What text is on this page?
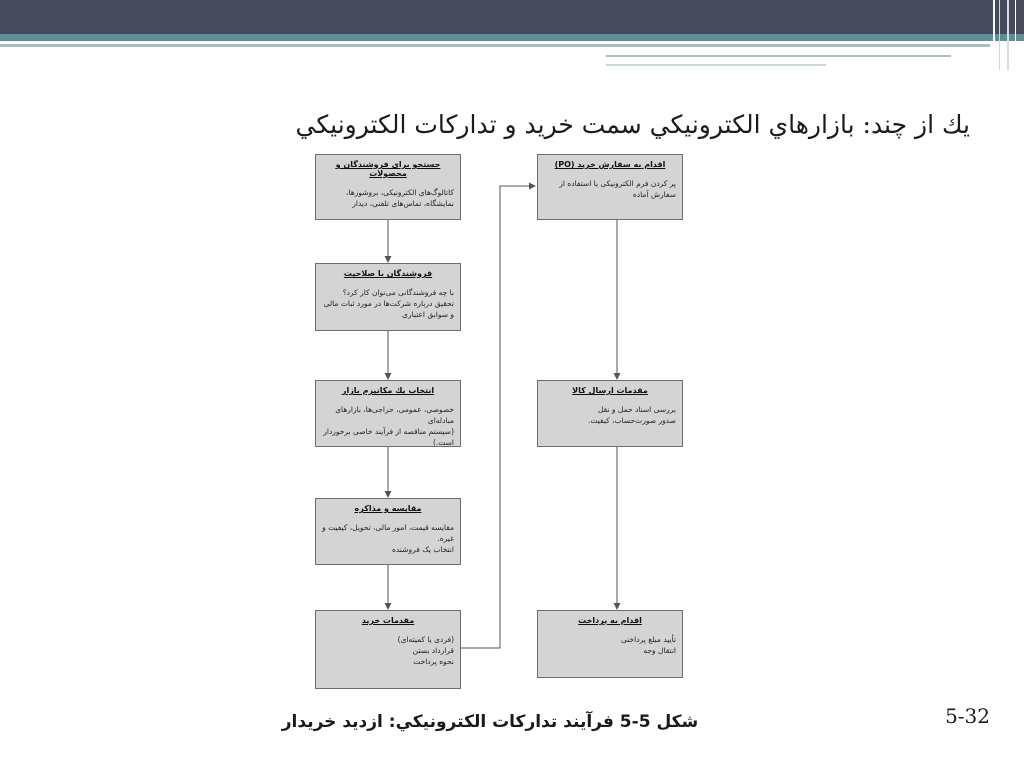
يك از چند: بازارهاي الكترونيكي سمت خريد و تداركات الكترونيكي
جستجو براى فروشندگان و محصولات
كاتالوگ‌هاى الكترونيكى، بروشورها،
نمايشگاه، تماس‌هاى تلفنى، ديدار
فروشندگان با صلاحيت
با چه فروشندگانى مى‌توان كار كرد؟
تحقيق درباره شركت‌ها در مورد ثبات مالى
و سوابق اعتبارى
انتخاب يك مكانيزم بازار
خصوصى، عمومى، حراجى‌ها، بازارهاى مبادله‌اى
(سيستم مناقصه از فرآيند خاصى برخوردار است.)
مقايسه و مذاكره
مقايسه قيمت، امور مالى، تحويل، كيفيت و غيره.
انتخاب يک فروشنده
مقدمات خريد
(فردى يا كميته‌اى)
قرارداد بستن
نحوه پرداخت
اقدام به سفارش خريد (PO)
پر كردن فرم الكترونيكى يا استفاده از سفارش آماده
مقدمات ارسال كالا
بررسى اسناد حمل و نقل
صدور صورت‌حساب، كيفيت.
اقدام به پرداخت
تأييد مبلغ پرداختى
انتقال وجه
شكل 5-5 فرآيند تداركات الكترونيكي: ازديد خريدار	5-32
